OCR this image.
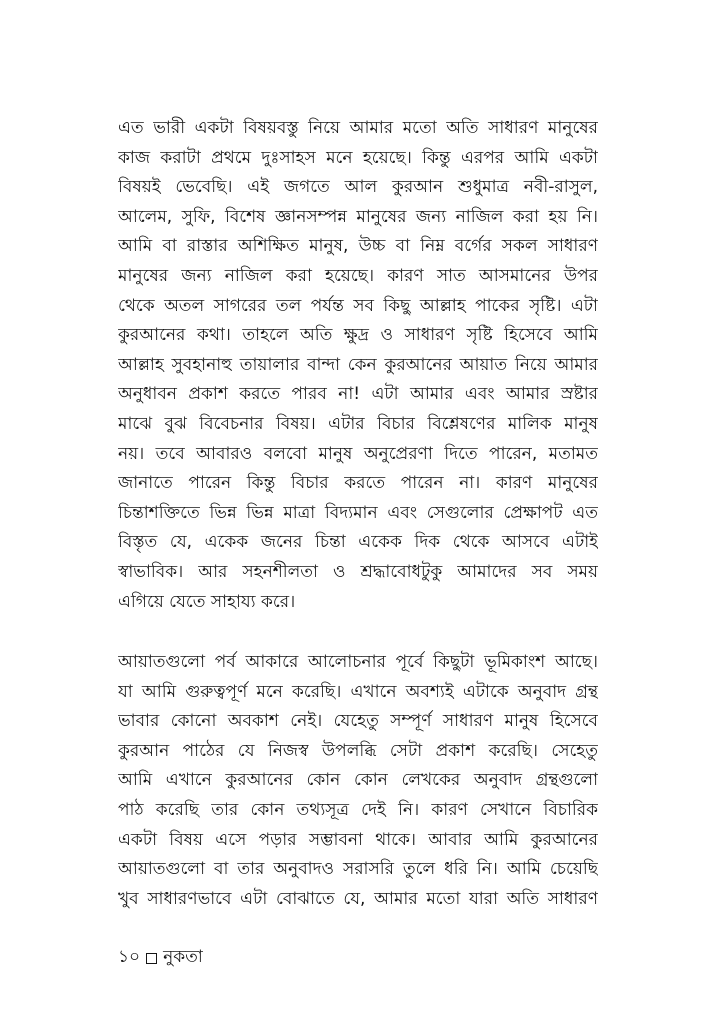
এত ভারী একটা বিষয়বস্তু নিয়ে আমার মতো অতি সাধারণ মানুষের
কাজ করাটা প্রথমে দুঃসাহস মনে হয়েছে। কিন্তু এরপর আমি একটা
বিষয়ই ভেবেছি। এই জগতে আল কুরআন শুধুমাত্র নবী-রাসুল,
আলেম, সুফি, বিশেষ জ্ঞানসম্পন্ন মানুষের জন্য নাজিল করা হয় নি।
আমি বা রাস্তার অশিক্ষিত মানুষ, উচ্চ বা নিম্ন বর্গের সকল সাধারণ
মানুষের জন্য নাজিল করা হয়েছে। কারণ সাত আসমানের উপর
থেকে অতল সাগরের তল পর্যন্ত সব কিছু আল্লাহ পাকের সৃষ্টি। এটা
কুরআনের কথা। তাহলে অতি ক্ষুদ্র ও সাধারণ সৃষ্টি হিসেবে আমি
আল্লাহ সুবহানাহু তায়ালার বান্দা কেন কুরআনের আয়াত নিয়ে আমার
অনুধাবন প্রকাশ করতে পারব না! এটা আমার এবং আমার স্রষ্টার
মাঝে বুঝ বিবেচনার বিষয়। এটার বিচার বিশ্লেষণের মালিক মানুষ
নয়। তবে আবারও বলবো মানুষ অনুপ্রেরণা দিতে পারেন, মতামত
জানাতে পারেন কিন্তু বিচার করতে পারেন না। কারণ মানুষের
চিন্তাশক্তিতে ভিন্ন ভিন্ন মাত্রা বিদ্যমান এবং সেগুলোর প্রেক্ষাপট এত
বিস্তৃত যে, একেক জনের চিন্তা একেক দিক থেকে আসবে এটাই
স্বাভাবিক। আর সহনশীলতা ও শ্রদ্ধাবোধটুকু আমাদের সব সময়
এগিয়ে যেতে সাহায্য করে।
আয়াতগুলো পর্ব আকারে আলোচনার পূর্বে কিছুটা ভূমিকাংশ আছে।
যা আমি গুরুত্বপূর্ণ মনে করেছি। এখানে অবশ্যই এটাকে অনুবাদ গ্রন্থ
ভাবার কোনো অবকাশ নেই। যেহেতু সম্পূর্ণ সাধারণ মানুষ হিসেবে
কুরআন পাঠের যে নিজস্ব উপলব্ধি সেটা প্রকাশ করেছি। সেহেতু
আমি এখানে কুরআনের কোন কোন লেখকের অনুবাদ গ্রন্থগুলো
পাঠ করেছি তার কোন তথ্যসূত্র দেই নি। কারণ সেখানে বিচারিক
একটা বিষয় এসে পড়ার সম্ভাবনা থাকে। আবার আমি কুরআনের
আয়াতগুলো বা তার অনুবাদও সরাসরি তুলে ধরি নি। আমি চেয়েছি
খুব সাধারণভাবে এটা বোঝাতে যে, আমার মতো যারা অতি সাধারণ
১০ নুকতা
